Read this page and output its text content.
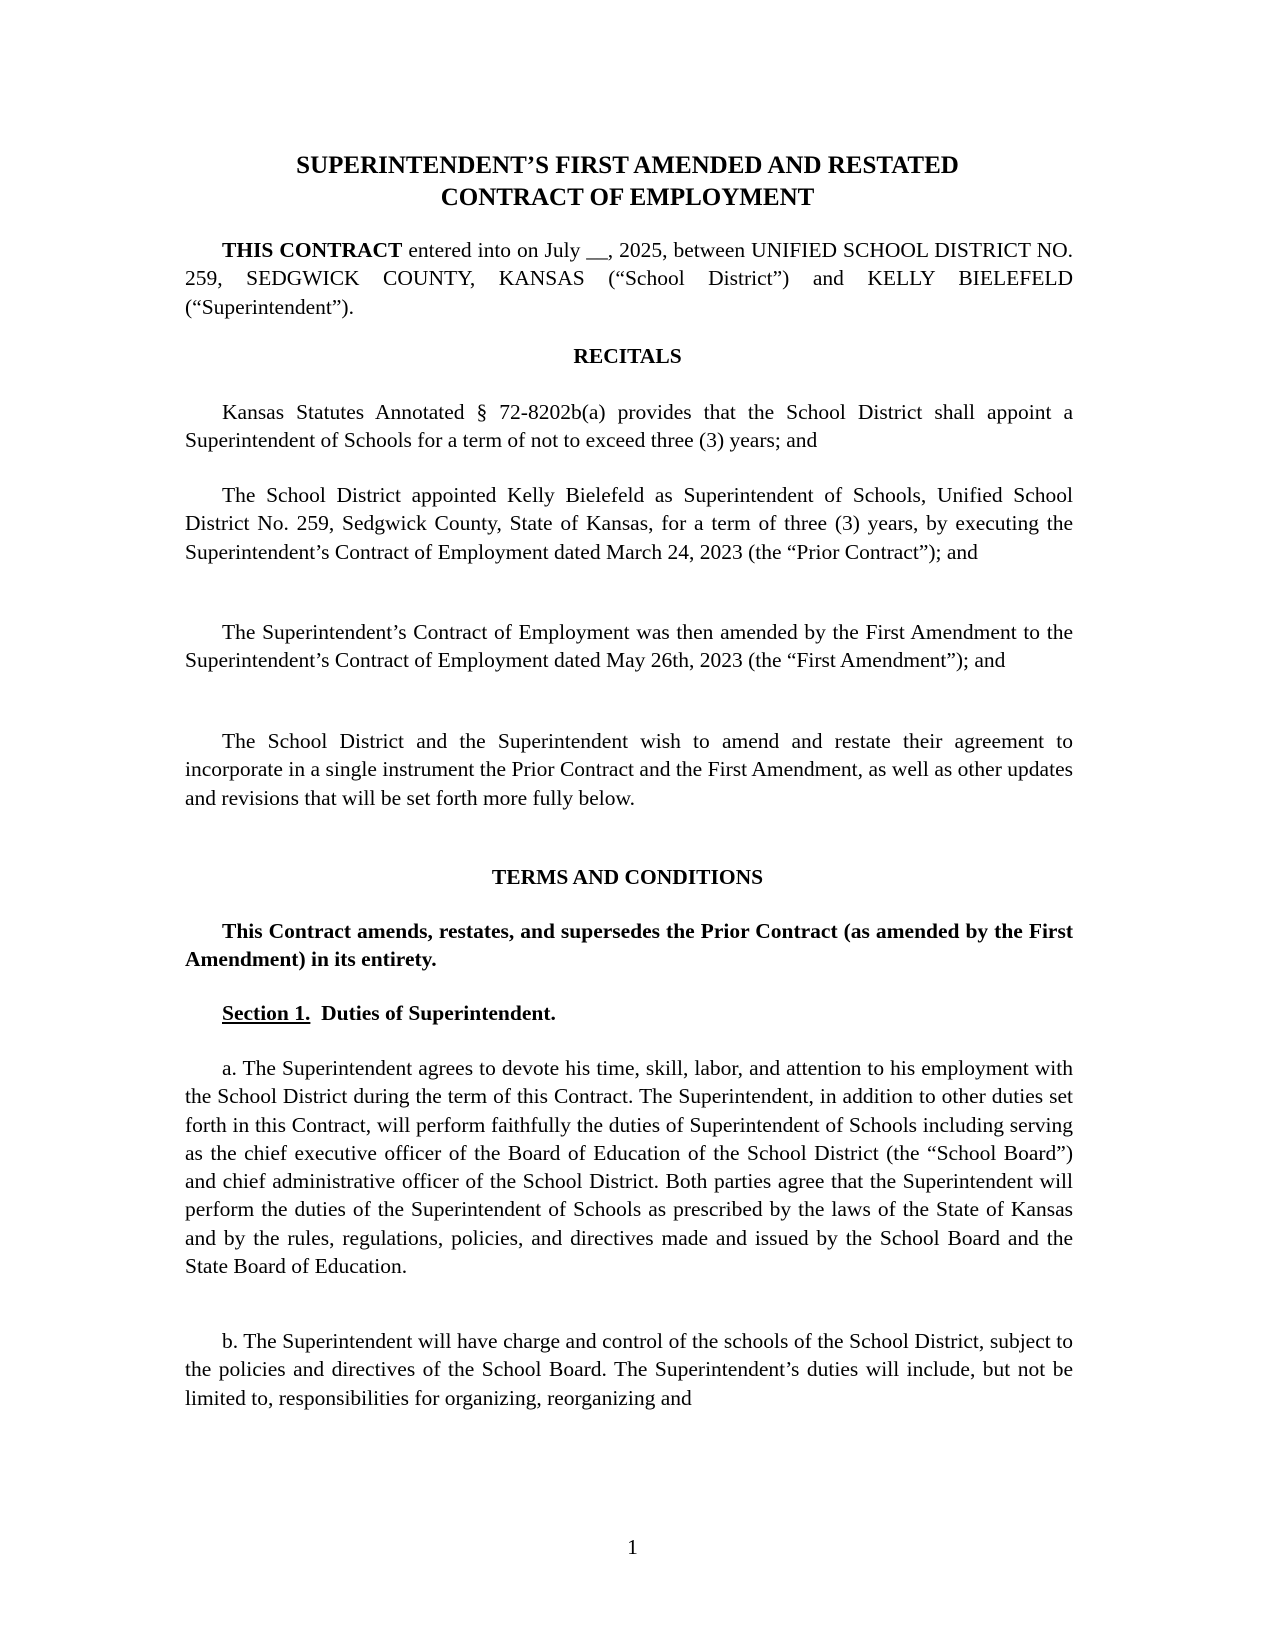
SUPERINTENDENT’S FIRST AMENDED AND RESTATED
CONTRACT OF EMPLOYMENT

THIS CONTRACT entered into on July __, 2025, between UNIFIED SCHOOL DISTRICT NO. 259, SEDGWICK COUNTY, KANSAS (“School District”) and KELLY BIELEFELD (“Superintendent”).

RECITALS

Kansas Statutes Annotated § 72-8202b(a) provides that the School District shall appoint a Superintendent of Schools for a term of not to exceed three (3) years; and

The School District appointed Kelly Bielefeld as Superintendent of Schools, Unified School District No. 259, Sedgwick County, State of Kansas, for a term of three (3) years, by executing the Superintendent’s Contract of Employment dated March 24, 2023 (the “Prior Contract”); and

The Superintendent’s Contract of Employment was then amended by the First Amendment to the Superintendent’s Contract of Employment dated May 26th, 2023 (the “First Amendment”); and

The School District and the Superintendent wish to amend and restate their agreement to incorporate in a single instrument the Prior Contract and the First Amendment, as well as other updates and revisions that will be set forth more fully below.

TERMS AND CONDITIONS

This Contract amends, restates, and supersedes the Prior Contract (as amended by the First Amendment) in its entirety.

Section 1. Duties of Superintendent.

a. The Superintendent agrees to devote his time, skill, labor, and attention to his employment with the School District during the term of this Contract. The Superintendent, in addition to other duties set forth in this Contract, will perform faithfully the duties of Superintendent of Schools including serving as the chief executive officer of the Board of Education of the School District (the “School Board”) and chief administrative officer of the School District. Both parties agree that the Superintendent will perform the duties of the Superintendent of Schools as prescribed by the laws of the State of Kansas and by the rules, regulations, policies, and directives made and issued by the School Board and the State Board of Education.

b. The Superintendent will have charge and control of the schools of the School District, subject to the policies and directives of the School Board. The Superintendent’s duties will include, but not be limited to, responsibilities for organizing, reorganizing and

1
